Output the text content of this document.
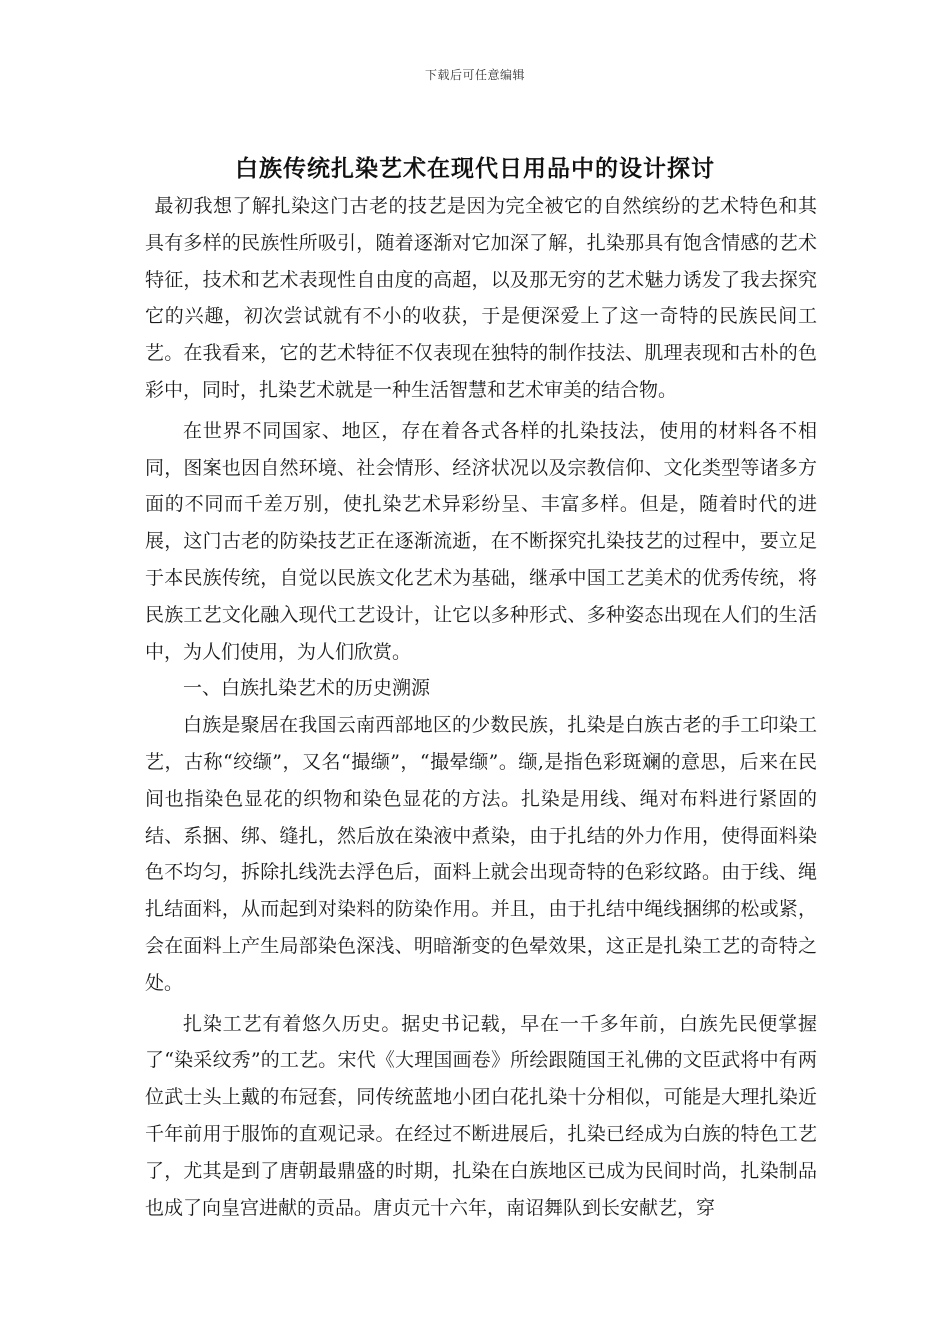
下载后可任意编辑
白族传统扎染艺术在现代日用品中的设计探讨

最初我想了解扎染这门古老的技艺是因为完全被它的自然缤纷的艺术特色和其具有多样的民族性所吸引，随着逐渐对它加深了解，扎染那具有饱含情感的艺术特征，技术和艺术表现性自由度的高超，以及那无穷的艺术魅力诱发了我去探究它的兴趣，初次尝试就有不小的收获，于是便深爱上了这一奇特的民族民间工艺。在我看来，它的艺术特征不仅表现在独特的制作技法、肌理表现和古朴的色彩中，同时，扎染艺术就是一种生活智慧和艺术审美的结合物。

在世界不同国家、地区，存在着各式各样的扎染技法，使用的材料各不相同，图案也因自然环境、社会情形、经济状况以及宗教信仰、文化类型等诸多方面的不同而千差万别，使扎染艺术异彩纷呈、丰富多样。但是，随着时代的进展，这门古老的防染技艺正在逐渐流逝，在不断探究扎染技艺的过程中，要立足于本民族传统，自觉以民族文化艺术为基础，继承中国工艺美术的优秀传统，将民族工艺文化融入现代工艺设计，让它以多种形式、多种姿态出现在人们的生活中，为人们使用，为人们欣赏。

一、白族扎染艺术的历史溯源

白族是聚居在我国云南西部地区的少数民族，扎染是白族古老的手工印染工艺，古称“绞缬”，又名“撮缬”，“撮晕缬”。缬,是指色彩斑斓的意思，后来在民间也指染色显花的织物和染色显花的方法。扎染是用线、绳对布料进行紧固的结、系捆、绑、缝扎，然后放在染液中煮染，由于扎结的外力作用，使得面料染色不均匀，拆除扎线洗去浮色后，面料上就会出现奇特的色彩纹路。由于线、绳扎结面料，从而起到对染料的防染作用。并且，由于扎结中绳线捆绑的松或紧，会在面料上产生局部染色深浅、明暗渐变的色晕效果，这正是扎染工艺的奇特之处。

扎染工艺有着悠久历史。据史书记载，早在一千多年前，白族先民便掌握了“染采纹秀”的工艺。宋代《大理国画卷》所绘跟随国王礼佛的文臣武将中有两位武士头上戴的布冠套，同传统蓝地小团白花扎染十分相似，可能是大理扎染近千年前用于服饰的直观记录。在经过不断进展后，扎染已经成为白族的特色工艺了，尤其是到了唐朝最鼎盛的时期，扎染在白族地区已成为民间时尚，扎染制品也成了向皇宫进献的贡品。唐贞元十六年，南诏舞队到长安献艺，穿
